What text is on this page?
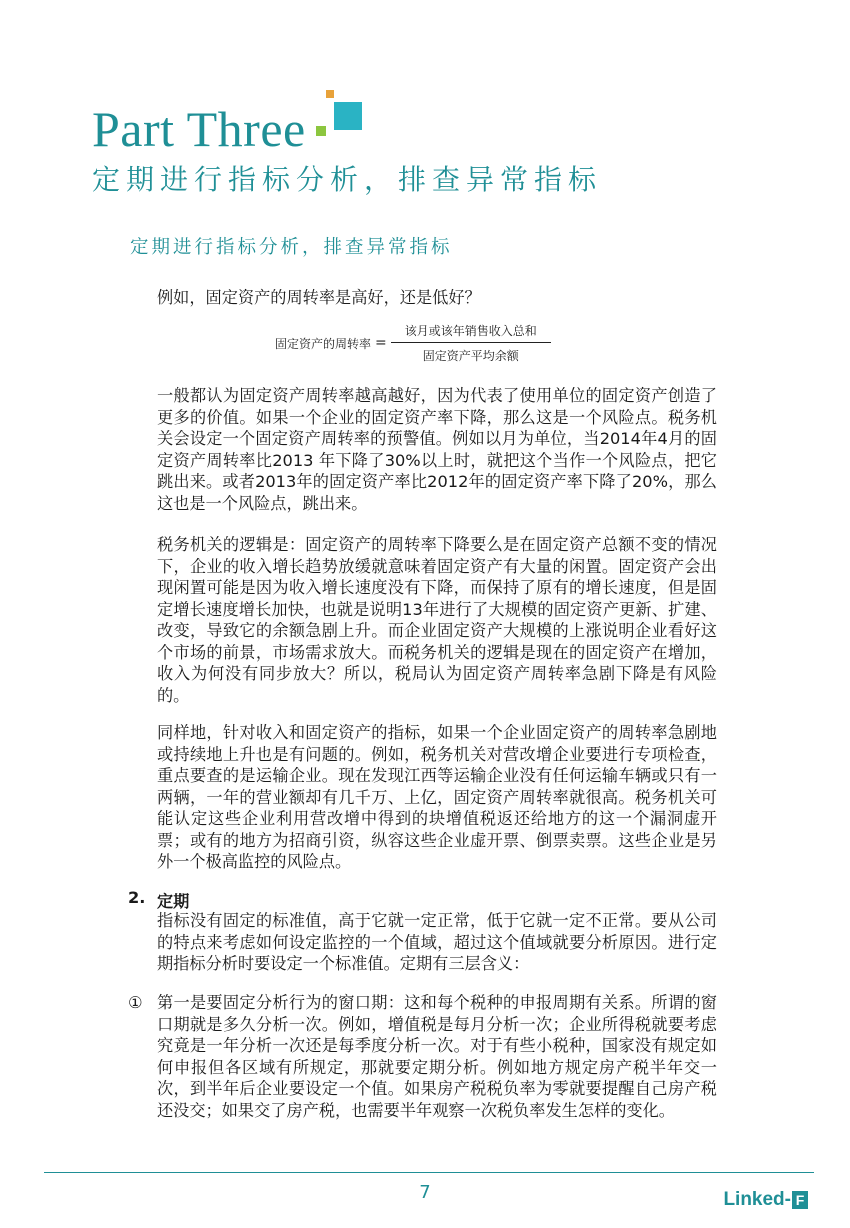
Part Three
定期进行指标分析，排查异常指标
定期进行指标分析，排查异常指标
例如，固定资产的周转率是高好，还是低好？
固定资产的周转率 = $\frac{\text{该月或该年销售收入总和}}{\text{固定资产平均余额}}$
一般都认为固定资产周转率越高越好，因为代表了使用单位的固定资产创造了更多的价值。如果一个企业的固定资产率下降，那么这是一个风险点。税务机关会设定一个固定资产周转率的预警值。例如以月为单位，当2014年4月的固定资产周转率比2013 年下降了30%以上时，就把这个当作一个风险点，把它跳出来。或者2013年的固定资产率比2012年的固定资产率下降了20%，那么这也是一个风险点，跳出来。
税务机关的逻辑是：固定资产的周转率下降要么是在固定资产总额不变的情况下，企业的收入增长趋势放缓就意味着固定资产有大量的闲置。固定资产会出现闲置可能是因为收入增长速度没有下降，而保持了原有的增长速度，但是固定增长速度增长加快，也就是说明13年进行了大规模的固定资产更新、扩建、改变，导致它的余额急剧上升。而企业固定资产大规模的上涨说明企业看好这个市场的前景，市场需求放大。而税务机关的逻辑是现在的固定资产在增加，收入为何没有同步放大？所以，税局认为固定资产周转率急剧下降是有风险的。
同样地，针对收入和固定资产的指标，如果一个企业固定资产的周转率急剧地或持续地上升也是有问题的。例如，税务机关对营改增企业要进行专项检查，重点要查的是运输企业。现在发现江西等运输企业没有任何运输车辆或只有一两辆，一年的营业额却有几千万、上亿，固定资产周转率就很高。税务机关可能认定这些企业利用营改增中得到的块增值税返还给地方的这一个漏洞虚开票；或有的地方为招商引资，纵容这些企业虚开票、倒票卖票。这些企业是另外一个极高监控的风险点。
2. 定期
指标没有固定的标准值，高于它就一定正常，低于它就一定不正常。要从公司的特点来考虑如何设定监控的一个值域，超过这个值域就要分析原因。进行定期指标分析时要设定一个标准值。定期有三层含义：
① 第一是要固定分析行为的窗口期：这和每个税种的申报周期有关系。所谓的窗口期就是多久分析一次。例如，增值税是每月分析一次；企业所得税就要考虑究竟是一年分析一次还是每季度分析一次。对于有些小税种，国家没有规定如何申报但各区域有所规定，那就要定期分析。例如地方规定房产税半年交一次，到半年后企业要设定一个值。如果房产税税负率为零就要提醒自己房产税还没交；如果交了房产税，也需要半年观察一次税负率发生怎样的变化。
7	Linked- F
